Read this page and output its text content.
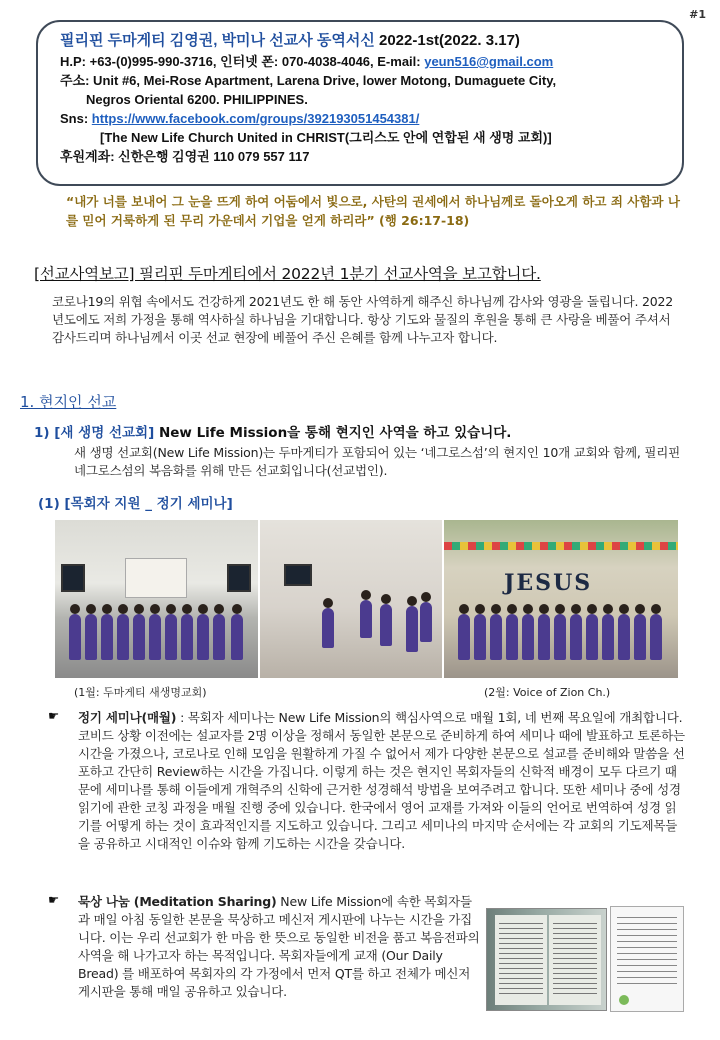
#1
필리핀 두마게티 김영권, 박미나 선교사 동역서신 2022-1st(2022. 3.17)
H.P: +63-(0)995-990-3716, 인터넷 폰: 070-4038-4046, E-mail: yeun516@gmail.com
주소: Unit #6, Mei-Rose Apartment, Larena Drive, lower Motong, Dumaguete City,
Negros Oriental 6200. PHILIPPINES.
Sns: https://www.facebook.com/groups/392193051454381/
[The New Life Church United in CHRIST(그리스도 안에 연합된 새 생명 교회)]
후원계좌: 신한은행 김영권 110 079 557 117
“내가 너를 보내어 그 눈을 뜨게 하여 어둠에서 빛으로, 사탄의 권세에서 하나님께로 돌아오게 하고 죄 사함과 나를 믿어 거룩하게 된 무리 가운데서 기업을 얻게 하리라” (행 26:17-18)
[선교사역보고] 필리핀 두마게티에서 2022년 1분기 선교사역을 보고합니다.
코로나19의 위협 속에서도 건강하게 2021년도 한 해 동안 사역하게 해주신 하나님께 감사와 영광을 돌립니다. 2022년도에도 저희 가정을 통해 역사하실 하나님을 기대합니다. 항상 기도와 물질의 후원을 통해 큰 사랑을 베풀어 주셔서 감사드리며 하나님께서 이곳 선교 현장에 베풀어 주신 은혜를 함께 나누고자 합니다.
1. 현지인 선교
1) [새 생명 선교회] New Life Mission을 통해 현지인 사역을 하고 있습니다.
새 생명 선교회(New Life Mission)는 두마게티가 포함되어 있는 ‘네그로스섬’의 현지인 10개 교회와 함께, 필리핀 네그로스섬의 복음화를 위해 만든 선교회입니다(선교법인).
(1) [목회자 지원 _ 정기 세미나]
JESUS
(1월: 두마게티 새생명교회)	(2월: Voice of Zion Ch.)
☛ 정기 세미나(매월) : 목회자 세미나는 New Life Mission의 핵심사역으로 매월 1회, 네 번째 목요일에 개최합니다. 코비드 상황 이전에는 설교자를 2명 이상을 정해서 동일한 본문으로 준비하게 하여 세미나 때에 발표하고 토론하는 시간을 가졌으나, 코로나로 인해 모임을 원활하게 가질 수 없어서 제가 다양한 본문으로 설교를 준비해와 말씀을 선포하고 간단히 Review하는 시간을 가집니다. 이렇게 하는 것은 현지인 목회자들의 신학적 배경이 모두 다르기 때문에 세미나를 통해 이들에게 개혁주의 신학에 근거한 성경해석 방법을 보여주려고 합니다. 또한 세미나 중에 성경 읽기에 관한 코칭 과정을 매월 진행 중에 있습니다. 한국에서 영어 교재를 가져와 이들의 언어로 번역하여 성경 읽기를 어떻게 하는 것이 효과적인지를 지도하고 있습니다. 그리고 세미나의 마지막 순서에는 각 교회의 기도제목들을 공유하고 시대적인 이슈와 함께 기도하는 시간을 갖습니다.
☛ 묵상 나눔 (Meditation Sharing) New Life Mission에 속한 목회자들과 매일 아침 동일한 본문을 묵상하고 메신저 게시판에 나누는 시간을 가집니다. 이는 우리 선교회가 한 마음 한 뜻으로 동일한 비전을 품고 복음전파의 사역을 해 나가고자 하는 목적입니다. 목회자들에게 교재 (Our Daily Bread) 를 배포하여 목회자의 각 가정에서 먼저 QT를 하고 전체가 메신저 게시판을 통해 매일 공유하고 있습니다.
